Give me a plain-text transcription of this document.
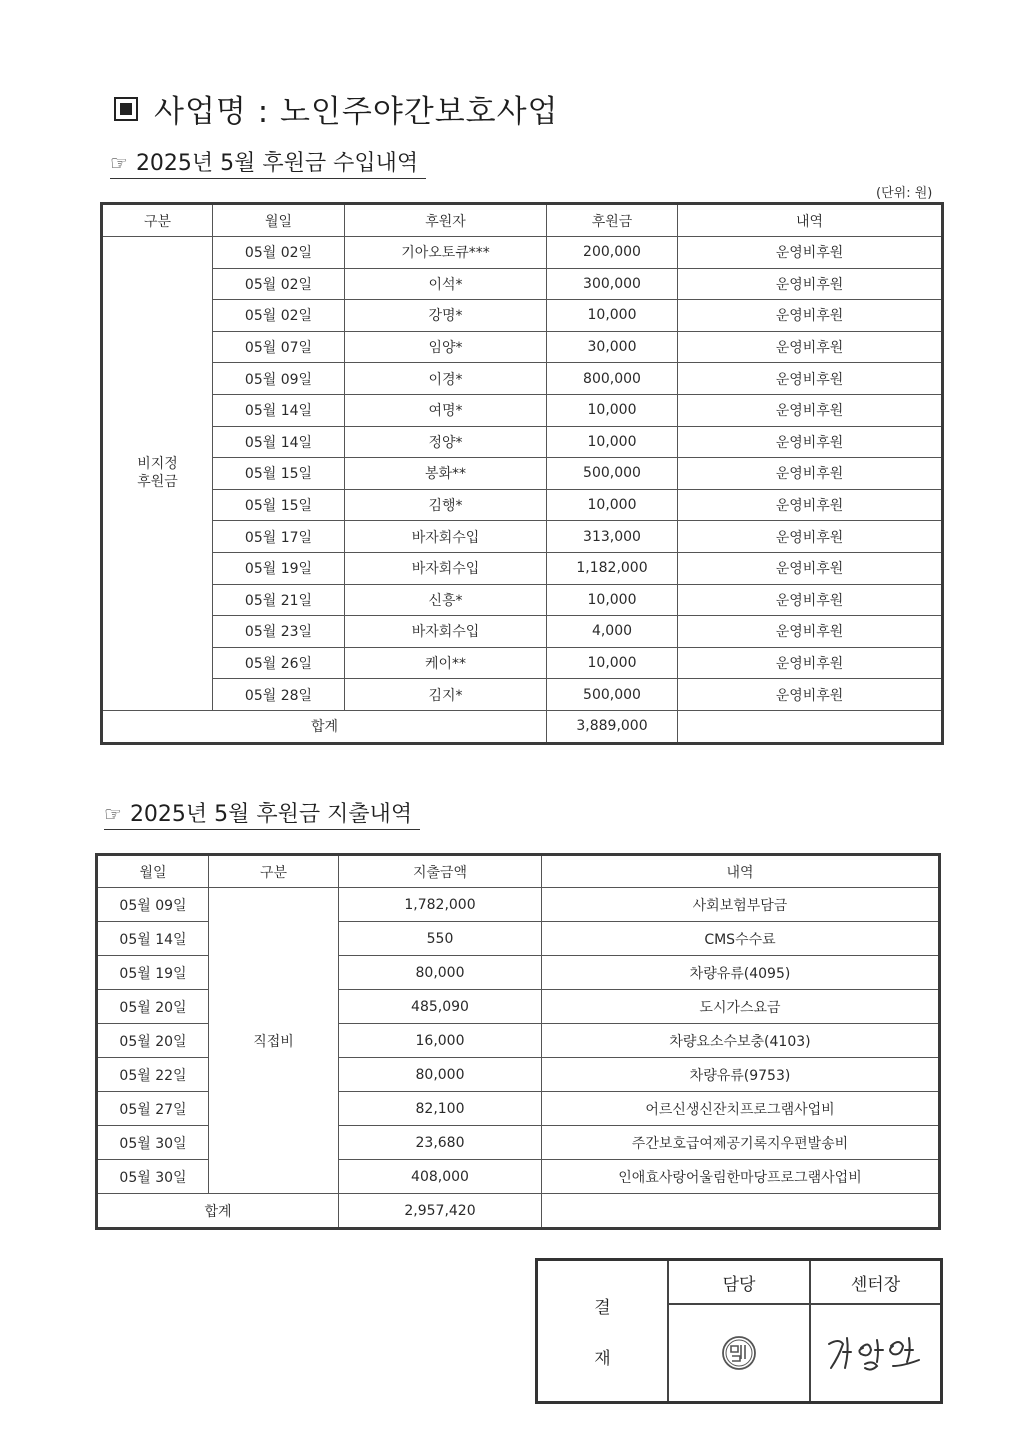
사업명 : 노인주야간보호사업
☞ 2025년 5월 후원금 수입내역
(단위: 원)
구분	월일	후원자	후원금	내역
비지정
후원금	05월 02일	기아오토큐***	200,000	운영비후원
	05월 02일	이석*	300,000	운영비후원
	05월 02일	강명*	10,000	운영비후원
	05월 07일	임양*	30,000	운영비후원
	05월 09일	이경*	800,000	운영비후원
	05월 14일	여명*	10,000	운영비후원
	05월 14일	정양*	10,000	운영비후원
	05월 15일	봉화**	500,000	운영비후원
	05월 15일	김행*	10,000	운영비후원
	05월 17일	바자회수입	313,000	운영비후원
	05월 19일	바자회수입	1,182,000	운영비후원
	05월 21일	신흥*	10,000	운영비후원
	05월 23일	바자회수입	4,000	운영비후원
	05월 26일	케이**	10,000	운영비후원
	05월 28일	김지*	500,000	운영비후원
합계			3,889,000	
☞ 2025년 5월 후원금 지출내역
월일	구분	지출금액	내역
05월 09일	직접비	1,782,000	사회보험부담금
05월 14일		550	CMS수수료
05월 19일		80,000	차량유류(4095)
05월 20일		485,090	도시가스요금
05월 20일		16,000	차량요소수보충(4103)
05월 22일		80,000	차량유류(9753)
05월 27일		82,100	어르신생신잔치프로그램사업비
05월 30일		23,680	주간보호급여제공기록지우편발송비
05월 30일		408,000	인애효사랑어울림한마당프로그램사업비
합계		2,957,420	
결
재
담당	센터장
